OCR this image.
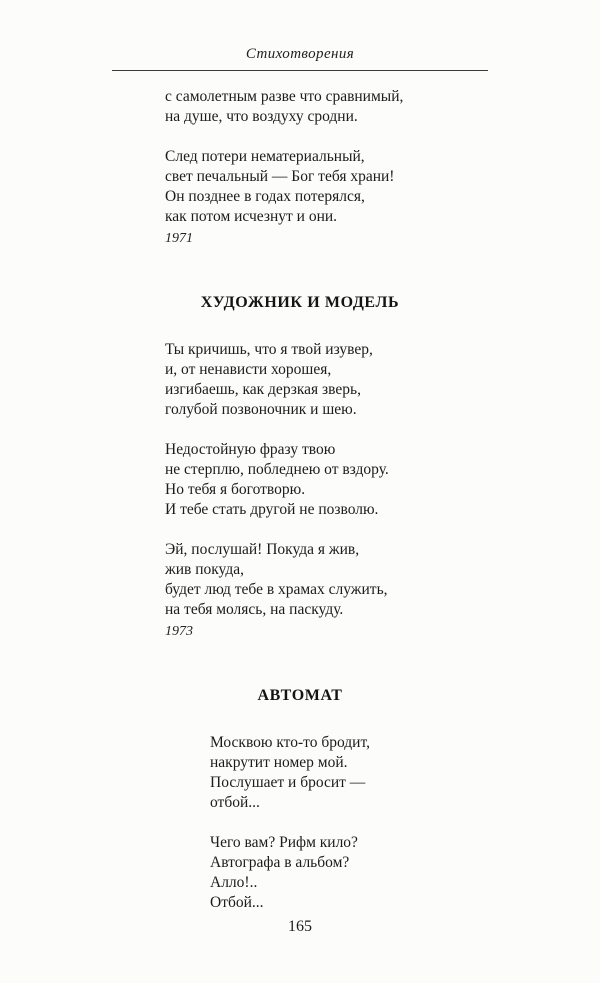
Стихотворения
с самолетным разве что сравнимый,
на душе, что воздуху сродни.
След потери нематериальный,
свет печальный — Бог тебя храни!
Он позднее в годах потерялся,
как потом исчезнут и они.
1971
ХУДОЖНИК И МОДЕЛЬ
Ты кричишь, что я твой изувер,
и, от ненависти хорошея,
изгибаешь, как дерзкая зверь,
голубой позвоночник и шею.
Недостойную фразу твою
не стерплю, побледнею от вздору.
Но тебя я боготворю.
И тебе стать другой не позволю.
Эй, послушай! Покуда я жив,
жив покуда,
будет люд тебе в храмах служить,
на тебя молясь, на паскуду.
1973
АВТОМАТ
Москвою кто-то бродит,
накрутит номер мой.
Послушает и бросит —
отбой...
Чего вам? Рифм кило?
Автографа в альбом?
Алло!..
Отбой...
165
